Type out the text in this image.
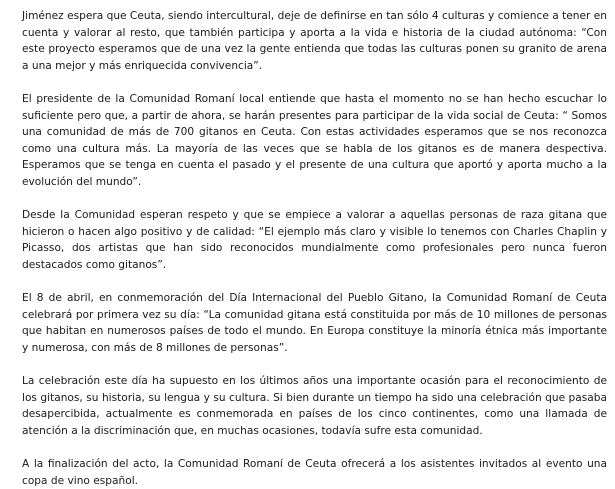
Jiménez espera que Ceuta, siendo intercultural, deje de definirse en tan sólo 4 culturas y comience a tener en cuenta y valorar al resto, que también participa y aporta a la vida e historia de la ciudad autónoma: “Con este proyecto esperamos que de una vez la gente entienda que todas las culturas ponen su granito de arena a una mejor y más enriquecida convivencia”.

El presidente de la Comunidad Romaní local entiende que hasta el momento no se han hecho escuchar lo suficiente pero que, a partir de ahora, se harán presentes para participar de la vida social de Ceuta: “ Somos una comunidad de más de 700 gitanos en Ceuta. Con estas actividades esperamos que se nos reconozca como una cultura más. La mayoría de las veces que se habla de los gitanos es de manera despectiva. Esperamos que se tenga en cuenta el pasado y el presente de una cultura que aportó y aporta mucho a la evolución del mundo”.

Desde la Comunidad esperan respeto y que se empiece a valorar a aquellas personas de raza gitana que hicieron o hacen algo positivo y de calidad: “El ejemplo más claro y visible lo tenemos con Charles Chaplin y Picasso, dos artistas que han sido reconocidos mundialmente como profesionales pero nunca fueron destacados como gitanos”.

El 8 de abril, en conmemoración del Día Internacional del Pueblo Gitano, la Comunidad Romaní de Ceuta celebrará por primera vez su día: “La comunidad gitana está constituida por más de 10 millones de personas que habitan en numerosos países de todo el mundo. En Europa constituye la minoría étnica más importante y numerosa, con más de 8 millones de personas”.

La celebración este día ha supuesto en los últimos años una importante ocasión para el reconocimiento de los gitanos, su historia, su lengua y su cultura. Si bien durante un tiempo ha sido una celebración que pasaba desapercibida, actualmente es conmemorada en países de los cinco continentes, como una llamada de atención a la discriminación que, en muchas ocasiones, todavía sufre esta comunidad.

A la finalización del acto, la Comunidad Romaní de Ceuta ofrecerá a los asistentes invitados al evento una copa de vino español.
